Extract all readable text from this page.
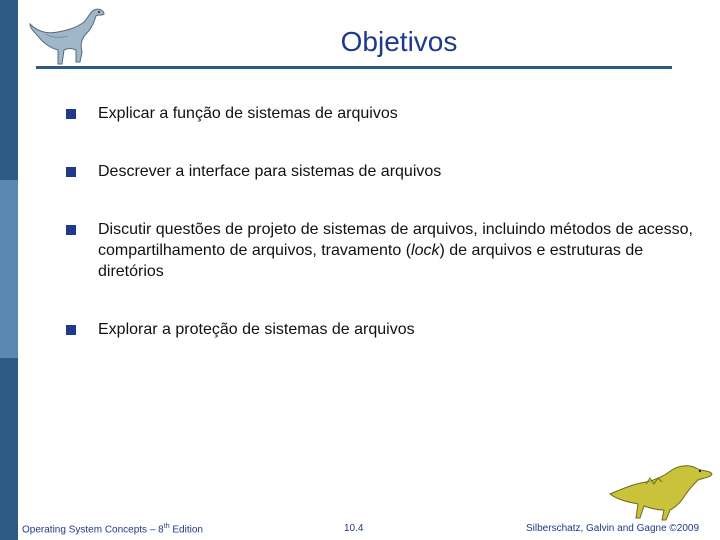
Objetivos
Explicar a função de sistemas de arquivos
Descrever a interface para sistemas de arquivos
Discutir questões de projeto de sistemas de arquivos, incluindo métodos de acesso, compartilhamento de arquivos, travamento (lock) de arquivos e estruturas de diretórios
Explorar a proteção de sistemas de arquivos
Operating System Concepts – 8th Edition	10.4	Silberschatz, Galvin and Gagne ©2009
